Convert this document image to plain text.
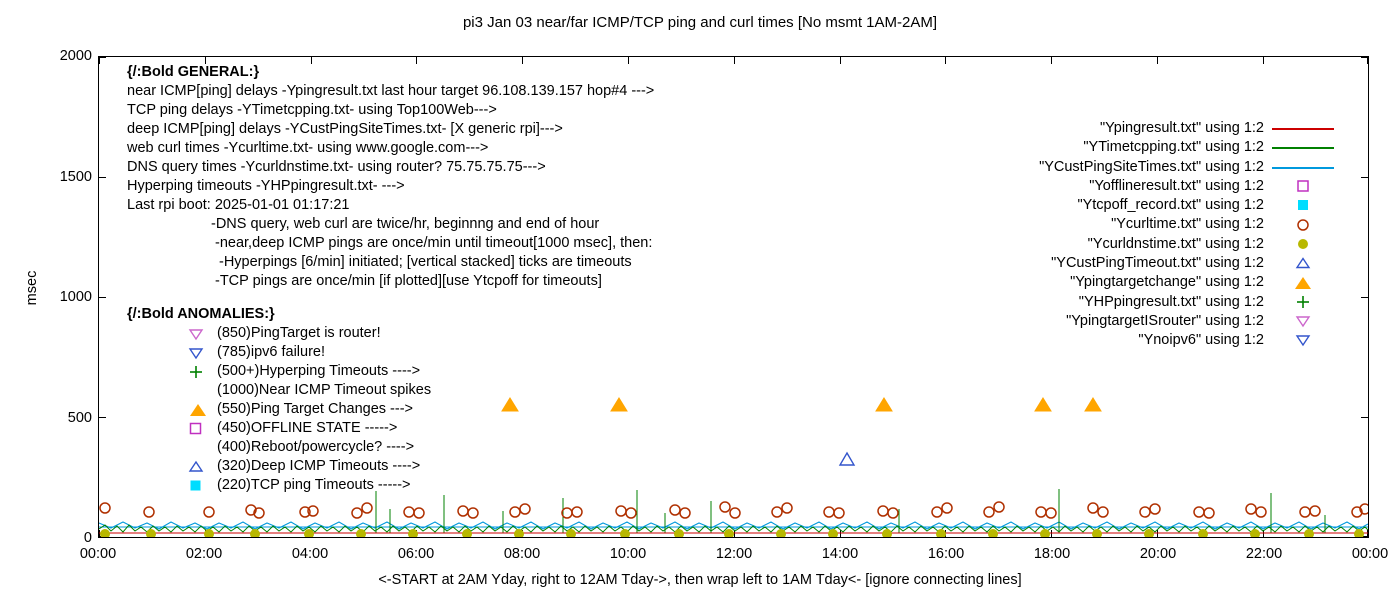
pi3 Jan 03 near/far ICMP/TCP ping and curl times [No msmt 1AM-2AM]
msec
2000
1500
1000
500
0
00:00	02:00	04:00	06:00	08:00	10:00	12:00	14:00	16:00	18:00	20:00	22:00	00:00
<-START at 2AM Yday, right to 12AM Tday->, then wrap left to 1AM Tday<- [ignore connecting lines]
{/:Bold GENERAL:}
near ICMP[ping] delays -Ypingresult.txt last hour target 96.108.139.157 hop#4 --->
TCP ping delays -YTimetcpping.txt- using Top100Web--->
deep ICMP[ping] delays -YCustPingSiteTimes.txt- [X generic rpi]--->
web curl times -Ycurltime.txt- using www.google.com--->
DNS query times -Ycurldnstime.txt- using router? 75.75.75.75--->
Hyperping timeouts -YHPpingresult.txt- --->
Last rpi boot: 2025-01-01 01:17:21
-DNS query, web curl are twice/hr, beginnng and end of hour
-near,deep ICMP pings are once/min until timeout[1000 msec], then:
-Hyperpings [6/min] initiated; [vertical stacked] ticks are timeouts
-TCP pings are once/min [if plotted][use Ytcpoff for timeouts]
{/:Bold ANOMALIES:}
(850)PingTarget is router!
(785)ipv6 failure!
(500+)Hyperping Timeouts ---->
(1000)Near ICMP Timeout spikes
(550)Ping Target Changes --->
(450)OFFLINE STATE ----->
(400)Reboot/powercycle? ---->
(320)Deep ICMP Timeouts ---->
(220)TCP ping Timeouts ----->
"Ypingresult.txt" using 1:2
"YTimetcpping.txt" using 1:2
"YCustPingSiteTimes.txt" using 1:2
"Yofflineresult.txt" using 1:2
"Ytcpoff_record.txt" using 1:2
"Ycurltime.txt" using 1:2
"Ycurldnstime.txt" using 1:2
"YCustPingTimeout.txt" using 1:2
"Ypingtargetchange" using 1:2
"YHPpingresult.txt" using 1:2
"YpingtargetISrouter" using 1:2
"Ynoipv6" using 1:2
